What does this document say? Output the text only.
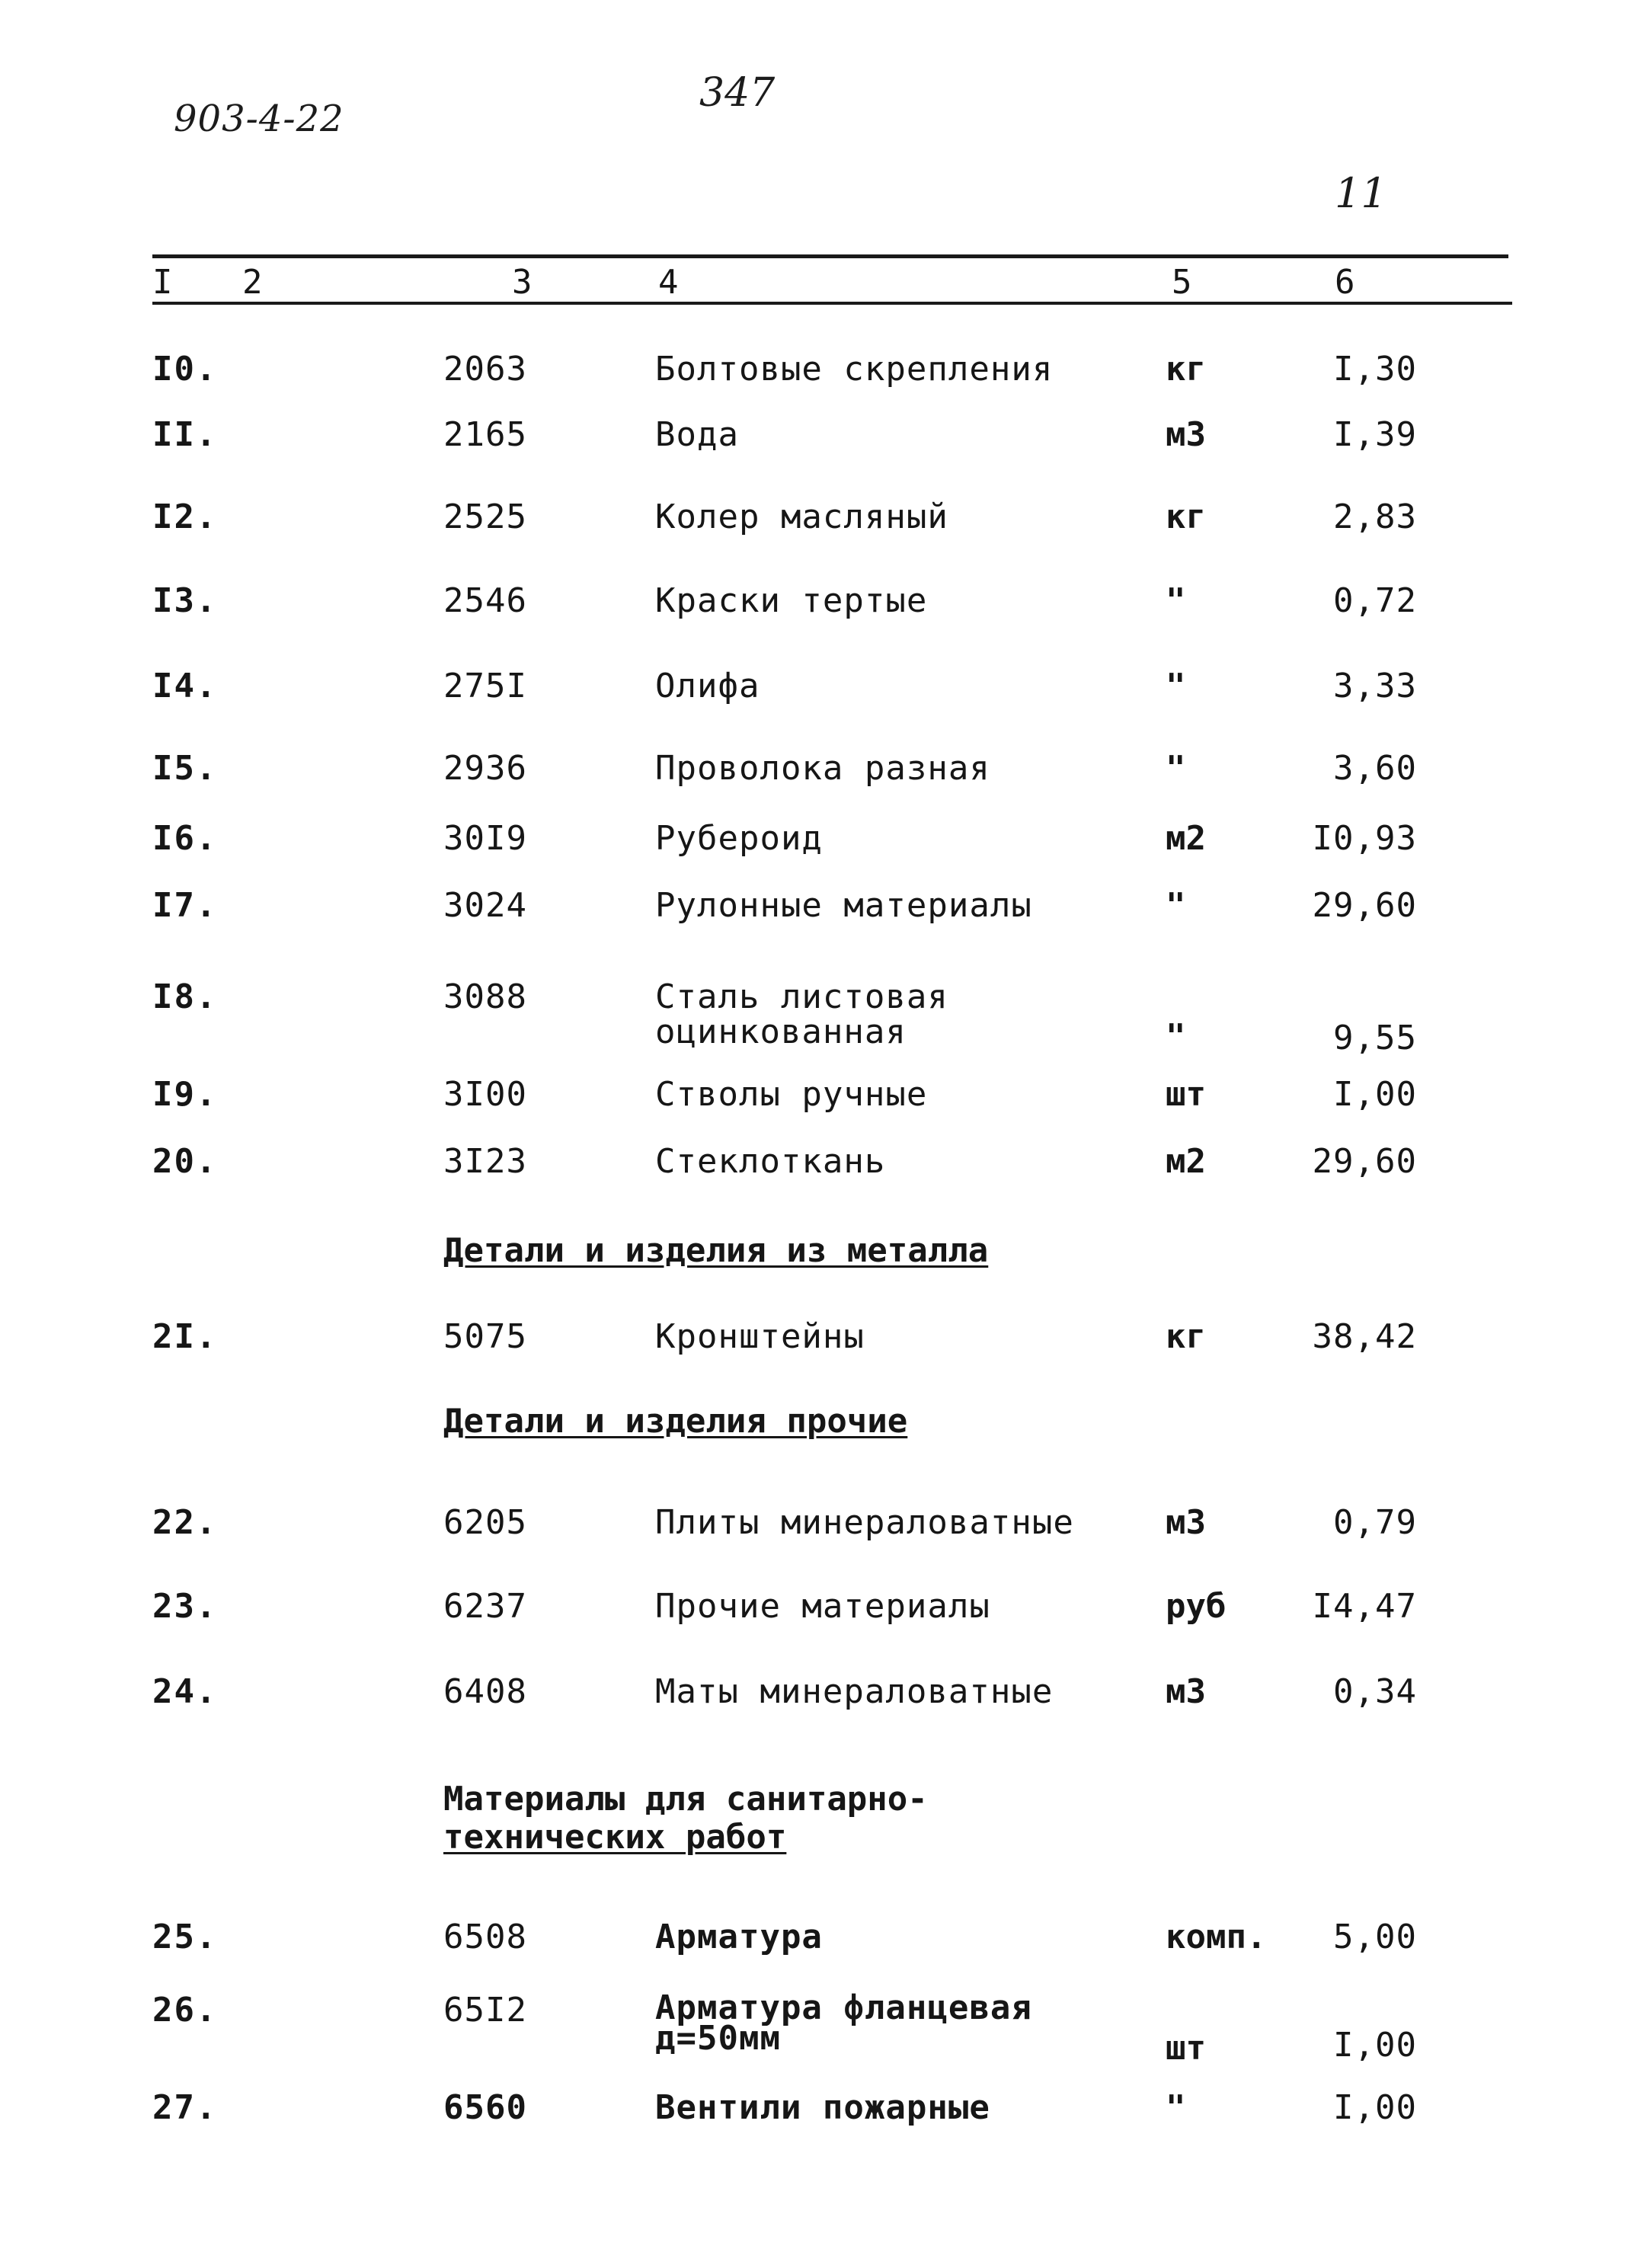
903-4-22
347
11
I 2	3	4	5	6
I0.	2063	Болтовые скрепления	кг	I,30
II.	2165	Вода	м3	I,39
I2.	2525	Колер масляный	кг	2,83
I3.	2546	Краски тертые	"	0,72
I4.	275I	Олифа	"	3,33
I5.	2936	Проволока разная	"	3,60
I6.	30I9	Рубероид	м2	I0,93
I7.	3024	Рулонные материалы	"	29,60
I8.	3088	Сталь листовая
оцинкованная	"	9,55
I9.	3I00	Стволы ручные	шт	I,00
20.	3I23	Стеклоткань	м2	29,60
Детали и изделия из металла
2I.	5075	Кронштейны	кг	38,42
Детали и изделия прочие
22.	6205	Плиты минераловатные	м3	0,79
23.	6237	Прочие материалы	руб	I4,47
24.	6408	Маты минераловатные	м3	0,34
Материалы для санитарно-
технических работ
25.	6508	Арматура	комп.	5,00
26.	65I2	Арматура фланцевая
д=50мм	шт	I,00
27.	6560	Вентили пожарные	"	I,00
